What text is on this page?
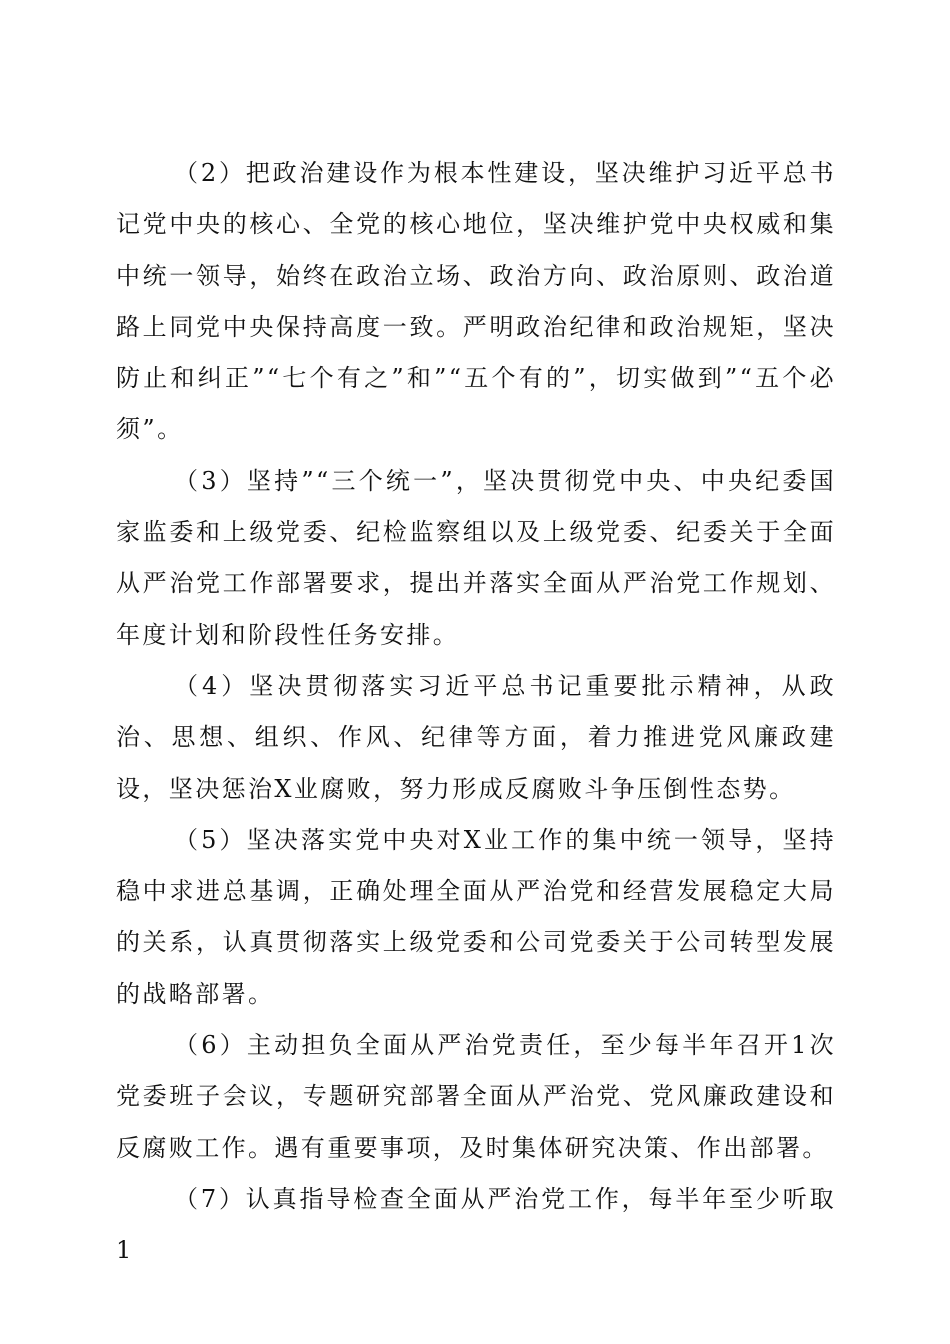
（2）把政治建设作为根本性建设，坚决维护习近平总书记党中央的核心、全党的核心地位，坚决维护党中央权威和集中统一领导，始终在政治立场、政治方向、政治原则、政治道路上同党中央保持高度一致。严明政治纪律和政治规矩，坚决防止和纠正”“七个有之”和”“五个有的”，切实做到”“五个必须”。

（3）坚持”“三个统一”，坚决贯彻党中央、中央纪委国家监委和上级党委、纪检监察组以及上级党委、纪委关于全面从严治党工作部署要求，提出并落实全面从严治党工作规划、年度计划和阶段性任务安排。

（4）坚决贯彻落实习近平总书记重要批示精神，从政治、思想、组织、作风、纪律等方面，着力推进党风廉政建设，坚决惩治X业腐败，努力形成反腐败斗争压倒性态势。

（5）坚决落实党中央对X业工作的集中统一领导，坚持稳中求进总基调，正确处理全面从严治党和经营发展稳定大局的关系，认真贯彻落实上级党委和公司党委关于公司转型发展的战略部署。

（6）主动担负全面从严治党责任，至少每半年召开1次党委班子会议，专题研究部署全面从严治党、党风廉政建设和反腐败工作。遇有重要事项，及时集体研究决策、作出部署。

（7）认真指导检查全面从严治党工作，每半年至少听取1
